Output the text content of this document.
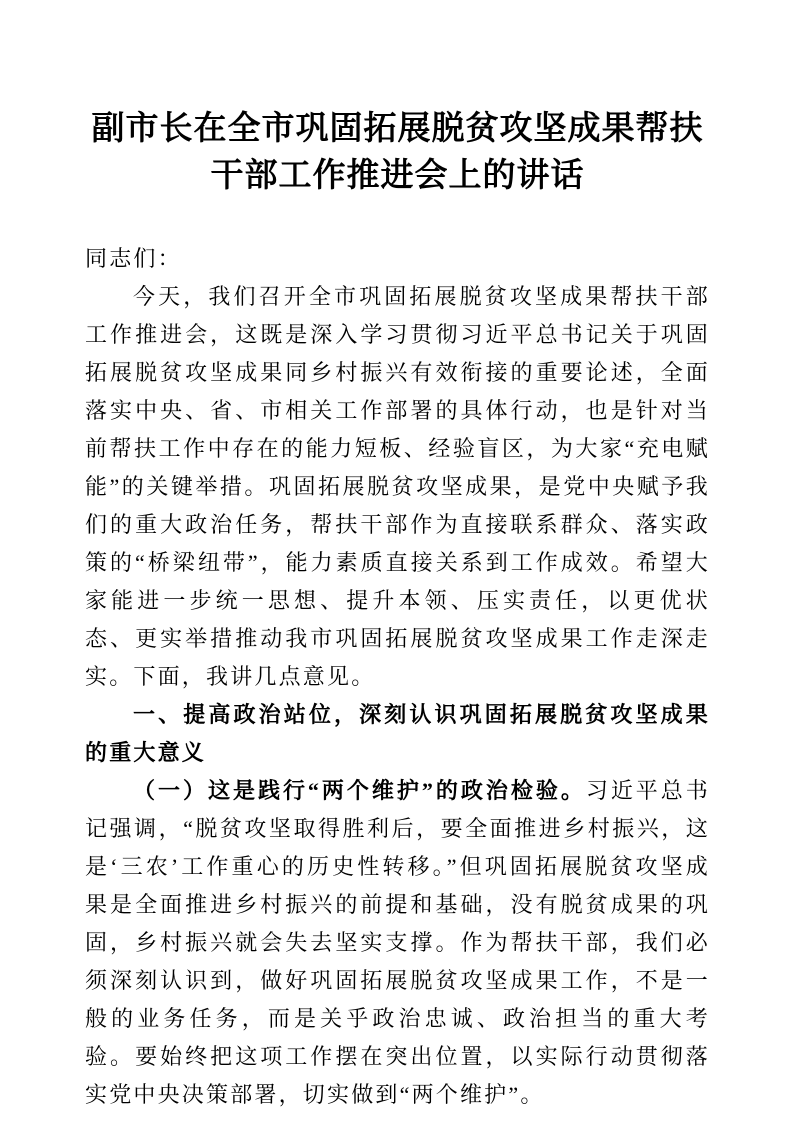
副市长在全市巩固拓展脱贫攻坚成果帮扶干部工作推进会上的讲话

同志们：

今天，我们召开全市巩固拓展脱贫攻坚成果帮扶干部工作推进会，这既是深入学习贯彻习近平总书记关于巩固拓展脱贫攻坚成果同乡村振兴有效衔接的重要论述，全面落实中央、省、市相关工作部署的具体行动，也是针对当前帮扶工作中存在的能力短板、经验盲区，为大家“充电赋能”的关键举措。巩固拓展脱贫攻坚成果，是党中央赋予我们的重大政治任务，帮扶干部作为直接联系群众、落实政策的“桥梁纽带”，能力素质直接关系到工作成效。希望大家能进一步统一思想、提升本领、压实责任，以更优状态、更实举措推动我市巩固拓展脱贫攻坚成果工作走深走实。下面，我讲几点意见。

一、提高政治站位，深刻认识巩固拓展脱贫攻坚成果的重大意义

（一）这是践行“两个维护”的政治检验。习近平总书记强调，“脱贫攻坚取得胜利后，要全面推进乡村振兴，这是‘三农’工作重心的历史性转移。”但巩固拓展脱贫攻坚成果是全面推进乡村振兴的前提和基础，没有脱贫成果的巩固，乡村振兴就会失去坚实支撑。作为帮扶干部，我们必须深刻认识到，做好巩固拓展脱贫攻坚成果工作，不是一般的业务任务，而是关乎政治忠诚、政治担当的重大考验。要始终把这项工作摆在突出位置，以实际行动贯彻落实党中央决策部署，切实做到“两个维护”。
